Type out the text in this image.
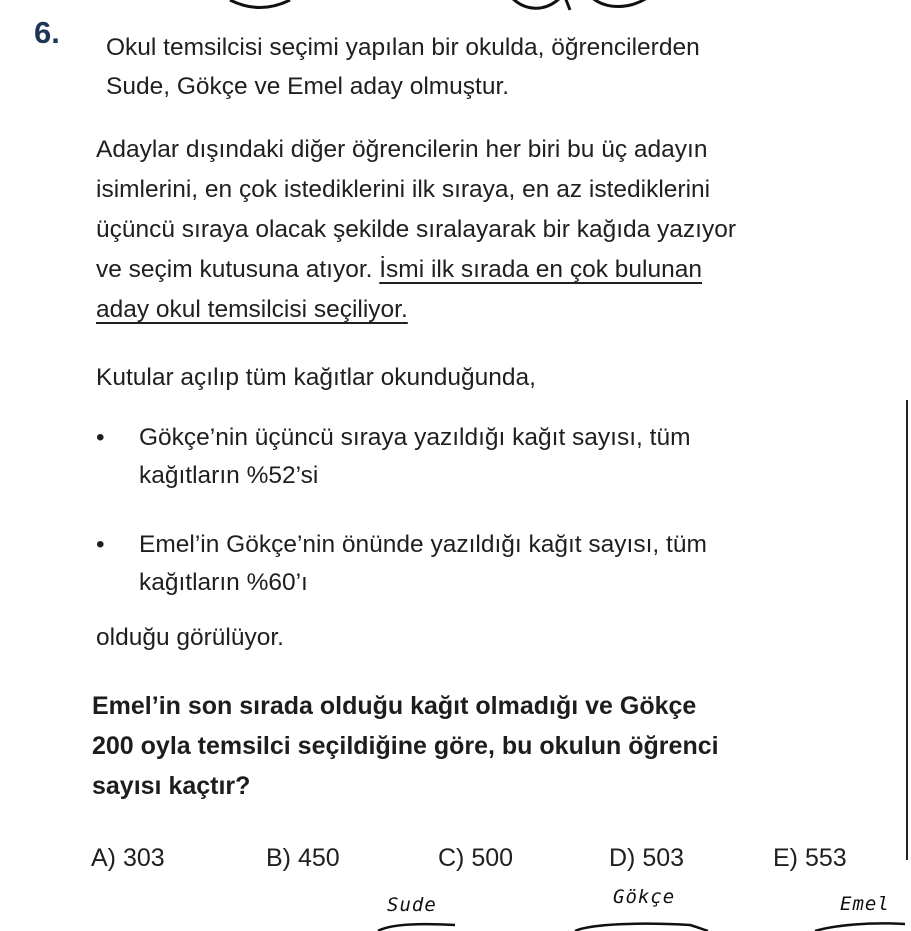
6. Okul temsilcisi seçimi yapılan bir okulda, öğrencilerden
Sude, Gökçe ve Emel aday olmuştur.
Adaylar dışındaki diğer öğrencilerin her biri bu üç adayın
isimlerini, en çok istediklerini ilk sıraya, en az istediklerini
üçüncü sıraya olacak şekilde sıralayarak bir kağıda yazıyor
ve seçim kutusuna atıyor. İsmi ilk sırada en çok bulunan
aday okul temsilcisi seçiliyor.
Kutular açılıp tüm kağıtlar okunduğunda,
•	Gökçe’nin üçüncü sıraya yazıldığı kağıt sayısı, tüm
kağıtların %52’si
•	Emel’in Gökçe’nin önünde yazıldığı kağıt sayısı, tüm
kağıtların %60’ı
olduğu görülüyor.
Emel’in son sırada olduğu kağıt olmadığı ve Gökçe
200 oyla temsilci seçildiğine göre, bu okulun öğrenci
sayısı kaçtır?
A) 303	B) 450	C) 500	D) 503	E) 553
Sude	Gökçe	Emel
